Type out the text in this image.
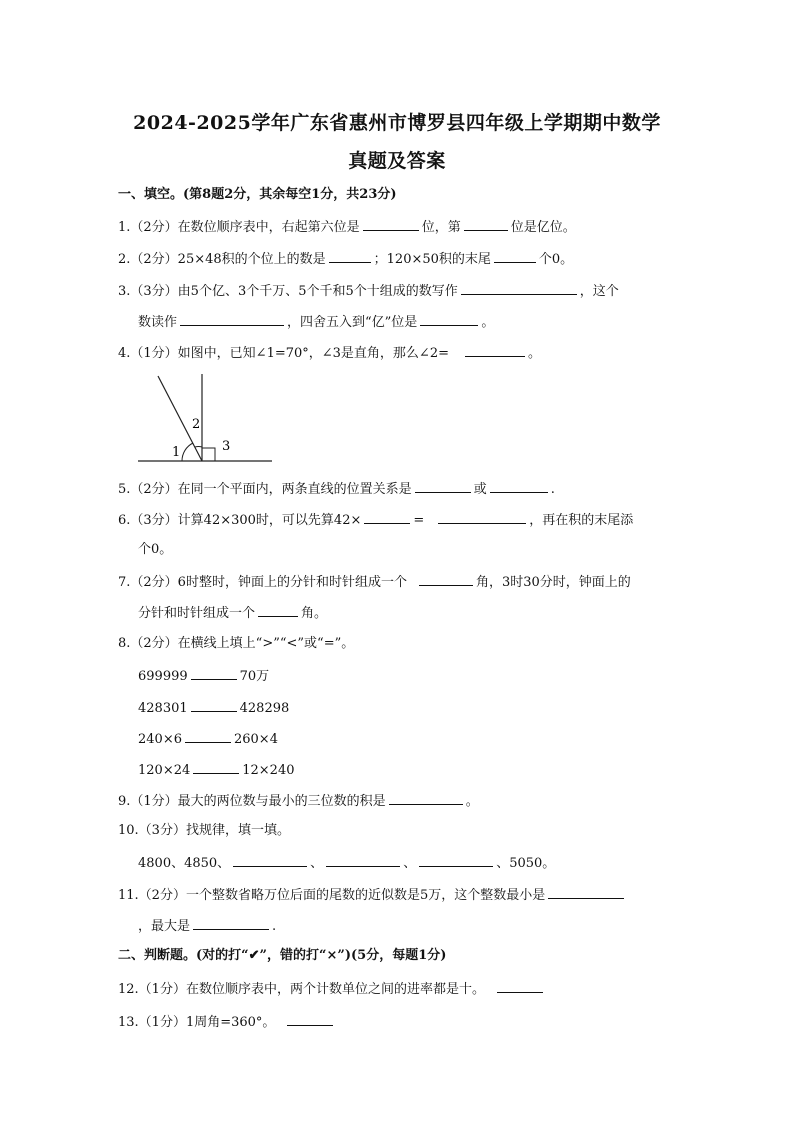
2024-2025学年广东省惠州市博罗县四年级上学期期中数学
真题及答案
一、填空。(第8题2分，其余每空1分，共23分)
1.（2分）在数位顺序表中，右起第六位是	位，第	位是亿位。
2.（2分）25×48积的个位上的数是	；120×50积的末尾	个0。
3.（3分）由5个亿、3个千万、5个千和5个十组成的数写作	，这个
数读作	，四舍五入到“亿”位是	。
4.（1分）如图中，已知∠1=70°，∠3是直角，那么∠2=	。
1
2
3
5.（2分）在同一个平面内，两条直线的位置关系是	或	.
6.（3分）计算42×300时，可以先算42×	=	，再在积的末尾添
个0。
7.（2分）6时整时，钟面上的分针和时针组成一个	角，3时30分时，钟面上的
分针和时针组成一个	角。
8.（2分）在横线上填上“>”“<”或“=”。
699999	70万
428301	428298
240×6	260×4
120×24	12×240
9.（1分）最大的两位数与最小的三位数的积是	。
10.（3分）找规律，填一填。
4800、4850、	、	、	、5050。
11.（2分）一个整数省略万位后面的尾数的近似数是5万，这个整数最小是
，最大是	.
二、判断题。(对的打“✔”，错的打“×”)(5分，每题1分)
12.（1分）在数位顺序表中，两个计数单位之间的进率都是十。
13.（1分）1周角=360°。
